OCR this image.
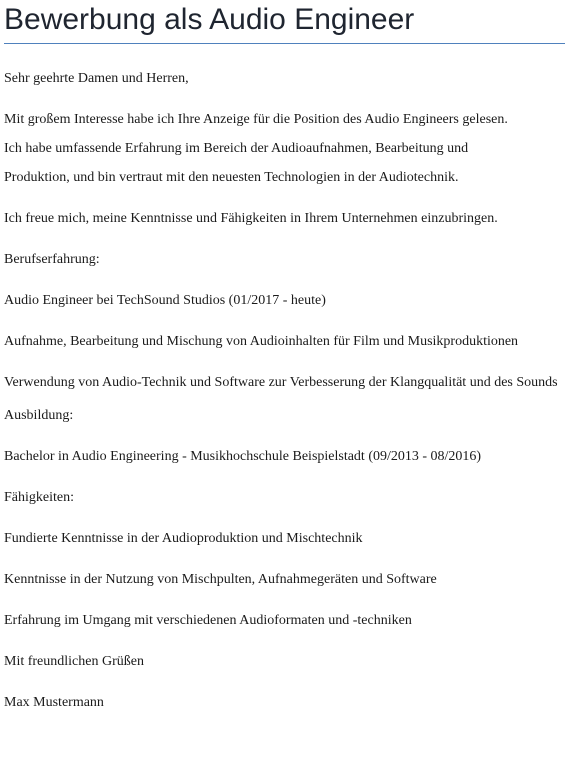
Bewerbung als Audio Engineer

Sehr geehrte Damen und Herren,

Mit großem Interesse habe ich Ihre Anzeige für die Position des Audio Engineers gelesen.

Ich habe umfassende Erfahrung im Bereich der Audioaufnahmen, Bearbeitung und

Produktion, und bin vertraut mit den neuesten Technologien in der Audiotechnik.

Ich freue mich, meine Kenntnisse und Fähigkeiten in Ihrem Unternehmen einzubringen.

Berufserfahrung:

Audio Engineer bei TechSound Studios (01/2017 - heute)

Aufnahme, Bearbeitung und Mischung von Audioinhalten für Film und Musikproduktionen

Verwendung von Audio-Technik und Software zur Verbesserung der Klangqualität und des Sounds

Ausbildung:

Bachelor in Audio Engineering - Musikhochschule Beispielstadt (09/2013 - 08/2016)

Fähigkeiten:

Fundierte Kenntnisse in der Audioproduktion und Mischtechnik

Kenntnisse in der Nutzung von Mischpulten, Aufnahmegeräten und Software

Erfahrung im Umgang mit verschiedenen Audioformaten und -techniken

Mit freundlichen Grüßen

Max Mustermann
